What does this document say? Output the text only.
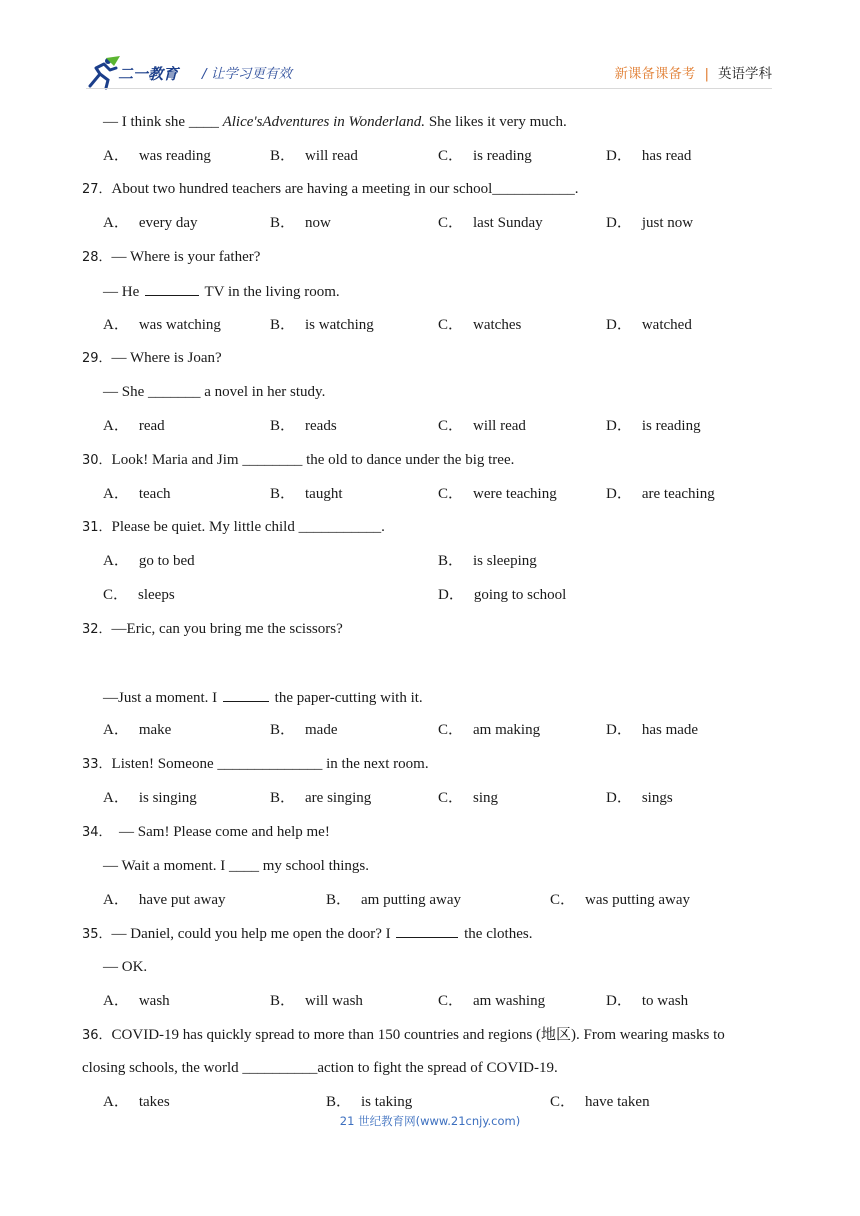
二一教育 / 让学习更有效	新课备课备考 | 英语学科
— I think she ____ Alice'sAdventures in Wonderland. She likes it very much.
A． was reading	B． will read	C． is reading	D． has read
27．About two hundred teachers are having a meeting in our school___________.
A． every day	B． now	C． last Sunday	D． just now
28．— Where is your father?
— He	TV in the living room.
A． was watching	B． is watching	C． watches	D． watched
29．— Where is Joan?
— She _______ a novel in her study.
A． read	B． reads	C． will read	D． is reading
30．Look! Maria and Jim ________ the old to dance under the big tree.
A． teach	B． taught	C． were teaching	D． are teaching
31．Please be quiet. My little child ___________.
A． go to bed	B． is sleeping
C． sleeps	D． going to school
32．—Eric, can you bring me the scissors?
—Just a moment. I	the paper-cutting with it.
A． make	B． made	C． am making	D． has made
33．Listen! Someone ______________ in the next room.
A． is singing	B． are singing	C． sing	D． sings
34．  — Sam! Please come and help me!
— Wait a moment. I ____ my school things.
A． have put away	B． am putting away	C． was putting away
35．— Daniel, could you help me open the door? I	the clothes.
— OK.
A． wash	B． will wash	C． am washing	D． to wash
36．COVID-19 has quickly spread to more than 150 countries and regions (地区). From wearing masks to
closing schools, the world __________action to fight the spread of COVID-19.
A． takes	B． is taking	C． have taken
21 世纪教育网(www.21cnjy.com)
